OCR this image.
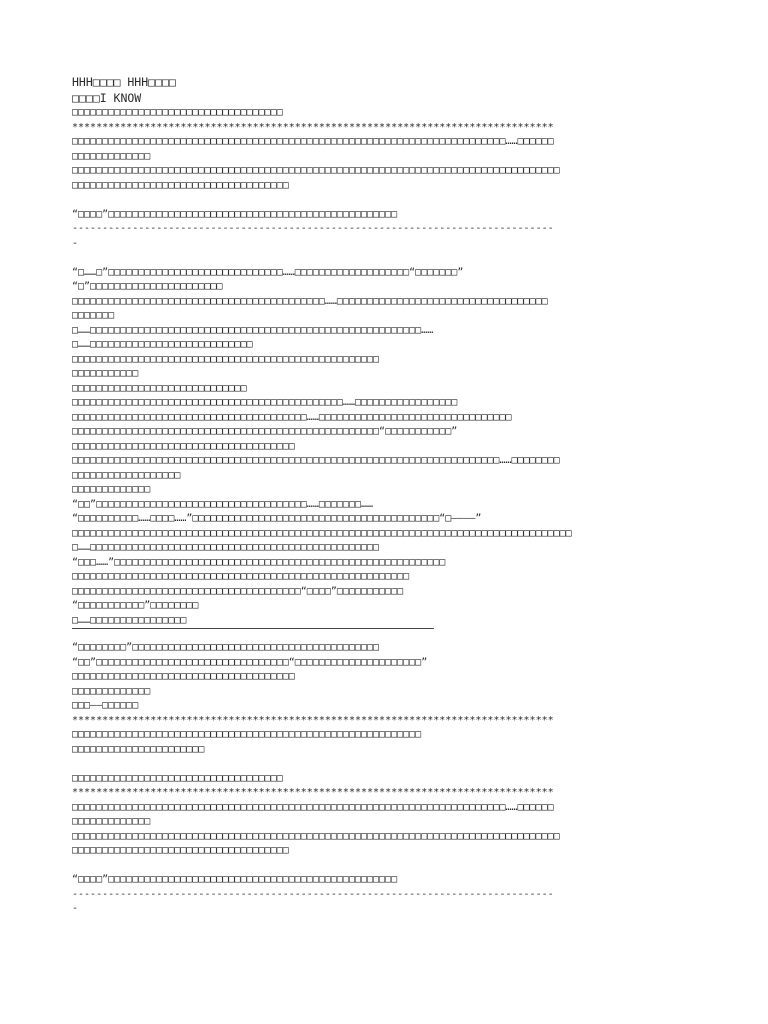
HHH□□□□ HHH□□□□
□□□□I KNOW
□□□□□□□□□□□□□□□□□□□□□□□□□□□□□□□□□□□
********************************************************************************
□□□□□□□□□□□□□□□□□□□□□□□□□□□□□□□□□□□□□□□□□□□□□□□□□□□□□□□□□□□□□□□□□□□□□□□□……□□□□□□
□□□□□□□□□□□□□
□□□□□□□□□□□□□□□□□□□□□□□□□□□□□□□□□□□□□□□□□□□□□□□□□□□□□□□□□□□□□□□□□□□□□□□□□□□□□□□□□
□□□□□□□□□□□□□□□□□□□□□□□□□□□□□□□□□□□□
“□□□□”□□□□□□□□□□□□□□□□□□□□□□□□□□□□□□□□□□□□□□□□□□□□□□□□
--------------------------------------------------------------------------------
-
“□……□”□□□□□□□□□□□□□□□□□□□□□□□□□□□□□……□□□□□□□□□□□□□□□□□□□“□□□□□□□”
“□”□□□□□□□□□□□□□□□□□□□□□□
□□□□□□□□□□□□□□□□□□□□□□□□□□□□□□□□□□□□□□□□□□……□□□□□□□□□□□□□□□□□□□□□□□□□□□□□□□□□□□
□□□□□□□
□……□□□□□□□□□□□□□□□□□□□□□□□□□□□□□□□□□□□□□□□□□□□□□□□□□□□□□□□……
□……□□□□□□□□□□□□□□□□□□□□□□□□□□□
□□□□□□□□□□□□□□□□□□□□□□□□□□□□□□□□□□□□□□□□□□□□□□□□□□□
□□□□□□□□□□□
□□□□□□□□□□□□□□□□□□□□□□□□□□□□□
□□□□□□□□□□□□□□□□□□□□□□□□□□□□□□□□□□□□□□□□□□□□□……□□□□□□□□□□□□□□□□□
□□□□□□□□□□□□□□□□□□□□□□□□□□□□□□□□□□□□□□□……□□□□□□□□□□□□□□□□□□□□□□□□□□□□□□□□
□□□□□□□□□□□□□□□□□□□□□□□□□□□□□□□□□□□□□□□□□□□□□□□□□□□“□□□□□□□□□□□”
□□□□□□□□□□□□□□□□□□□□□□□□□□□□□□□□□□□□□
□□□□□□□□□□□□□□□□□□□□□□□□□□□□□□□□□□□□□□□□□□□□□□□□□□□□□□□□□□□□□□□□□□□□□□□……□□□□□□□□
□□□□□□□□□□□□□□□□□□
□□□□□□□□□□□□□
“□□”□□□□□□□□□□□□□□□□□□□□□□□□□□□□□□□□□□□……□□□□□□□……
“□□□□□□□□□□……□□□□……”□□□□□□□□□□□□□□□□□□□□□□□□□□□□□□□□□□□□□□□□□“□————”
□□□□□□□□□□□□□□□□□□□□□□□□□□□□□□□□□□□□□□□□□□□□□□□□□□□□□□□□□□□□□□□□□□□□□□□□□□□□□□□□□□□
□……□□□□□□□□□□□□□□□□□□□□□□□□□□□□□□□□□□□□□□□□□□□□□□□□
“□□□……”□□□□□□□□□□□□□□□□□□□□□□□□□□□□□□□□□□□□□□□□□□□□□□□□□□□□□□□
□□□□□□□□□□□□□□□□□□□□□□□□□□□□□□□□□□□□□□□□□□□□□□□□□□□□□□□□
□□□□□□□□□□□□□□□□□□□□□□□□□□□□□□□□□□□□□□“□□□□”□□□□□□□□□□□
“□□□□□□□□□□□”□□□□□□□□
□……□□□□□□□□□□□□□□□□
“□□□□□□□□”□□□□□□□□□□□□□□□□□□□□□□□□□□□□□□□□□□□□□□□□□
“□□”□□□□□□□□□□□□□□□□□□□□□□□□□□□□□□□□“□□□□□□□□□□□□□□□□□□□□□”
□□□□□□□□□□□□□□□□□□□□□□□□□□□□□□□□□□□□□
□□□□□□□□□□□□□
□□□——□□□□□□
********************************************************************************
□□□□□□□□□□□□□□□□□□□□□□□□□□□□□□□□□□□□□□□□□□□□□□□□□□□□□□□□□□
□□□□□□□□□□□□□□□□□□□□□□
□□□□□□□□□□□□□□□□□□□□□□□□□□□□□□□□□□□
********************************************************************************
□□□□□□□□□□□□□□□□□□□□□□□□□□□□□□□□□□□□□□□□□□□□□□□□□□□□□□□□□□□□□□□□□□□□□□□□……□□□□□□
□□□□□□□□□□□□□
□□□□□□□□□□□□□□□□□□□□□□□□□□□□□□□□□□□□□□□□□□□□□□□□□□□□□□□□□□□□□□□□□□□□□□□□□□□□□□□□□
□□□□□□□□□□□□□□□□□□□□□□□□□□□□□□□□□□□□
“□□□□”□□□□□□□□□□□□□□□□□□□□□□□□□□□□□□□□□□□□□□□□□□□□□□□□
--------------------------------------------------------------------------------
-
